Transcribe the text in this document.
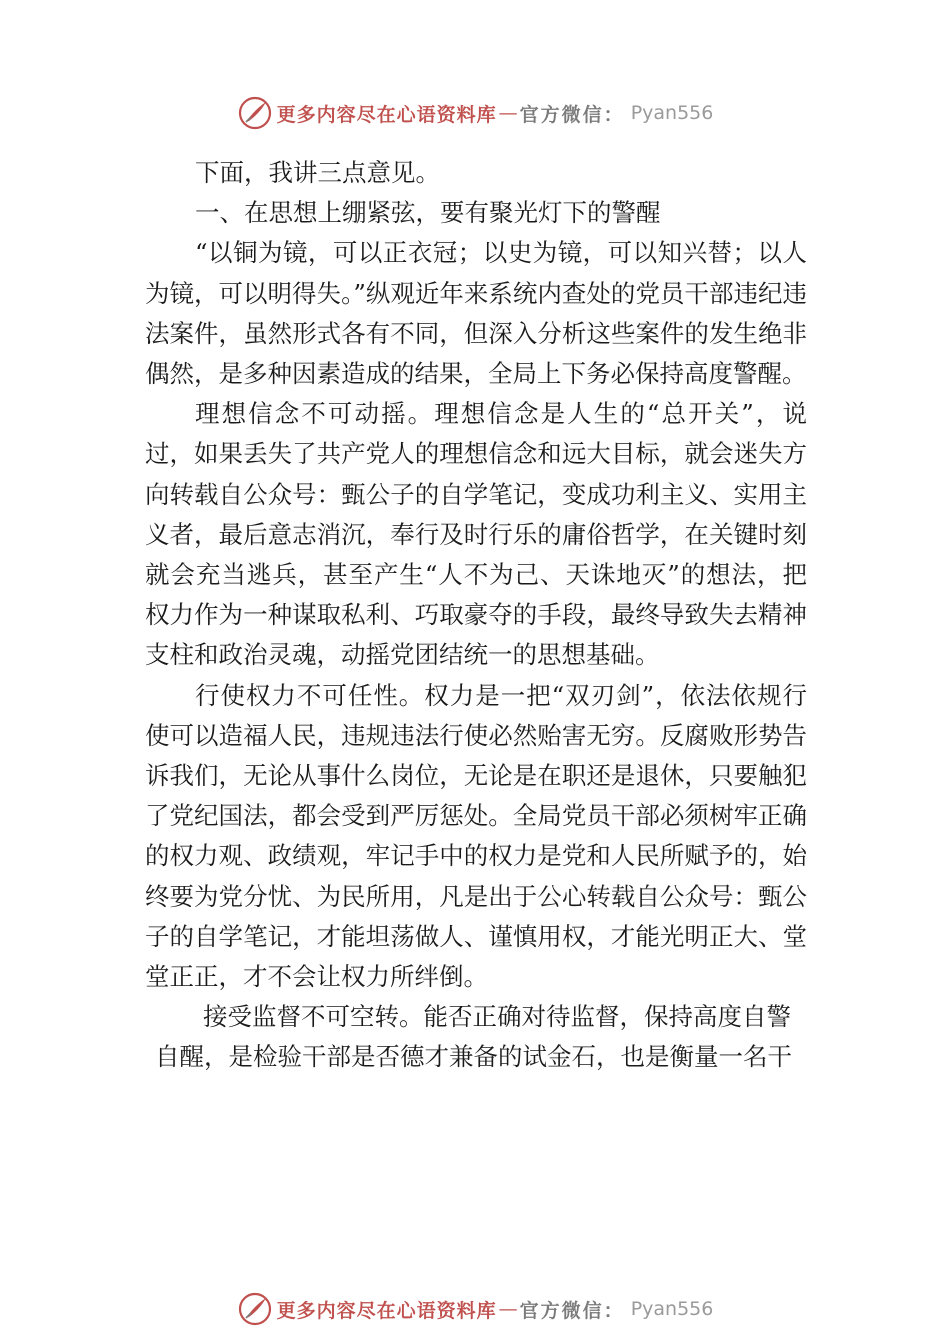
更多内容尽在心语资料库 — 官方微信： Pyan556

下面，我讲三点意见。

一、在思想上绷紧弦，要有聚光灯下的警醒

“以铜为镜，可以正衣冠；以史为镜，可以知兴替；以人为镜，可以明得失。”纵观近年来系统内查处的党员干部违纪违法案件，虽然形式各有不同，但深入分析这些案件的发生绝非偶然，是多种因素造成的结果，全局上下务必保持高度警醒。

理想信念不可动摇。理想信念是人生的“总开关”，说过，如果丢失了共产党人的理想信念和远大目标，就会迷失方向转载自公众号：甄公子的自学笔记，变成功利主义、实用主义者，最后意志消沉，奉行及时行乐的庸俗哲学，在关键时刻就会充当逃兵，甚至产生“人不为己、天诛地灭”的想法，把权力作为一种谋取私利、巧取豪夺的手段，最终导致失去精神支柱和政治灵魂，动摇党团结统一的思想基础。

行使权力不可任性。权力是一把“双刃剑”，依法依规行使可以造福人民，违规违法行使必然贻害无穷。反腐败形势告诉我们，无论从事什么岗位，无论是在职还是退休，只要触犯了党纪国法，都会受到严厉惩处。全局党员干部必须树牢正确的权力观、政绩观，牢记手中的权力是党和人民所赋予的，始终要为党分忧、为民所用，凡是出于公心转载自公众号：甄公子的自学笔记，才能坦荡做人、谨慎用权，才能光明正大、堂堂正正，才不会让权力所绊倒。

接受监督不可空转。能否正确对待监督，保持高度自警

自醒，是检验干部是否德才兼备的试金石，也是衡量一名干

更多内容尽在心语资料库 — 官方微信： Pyan556
